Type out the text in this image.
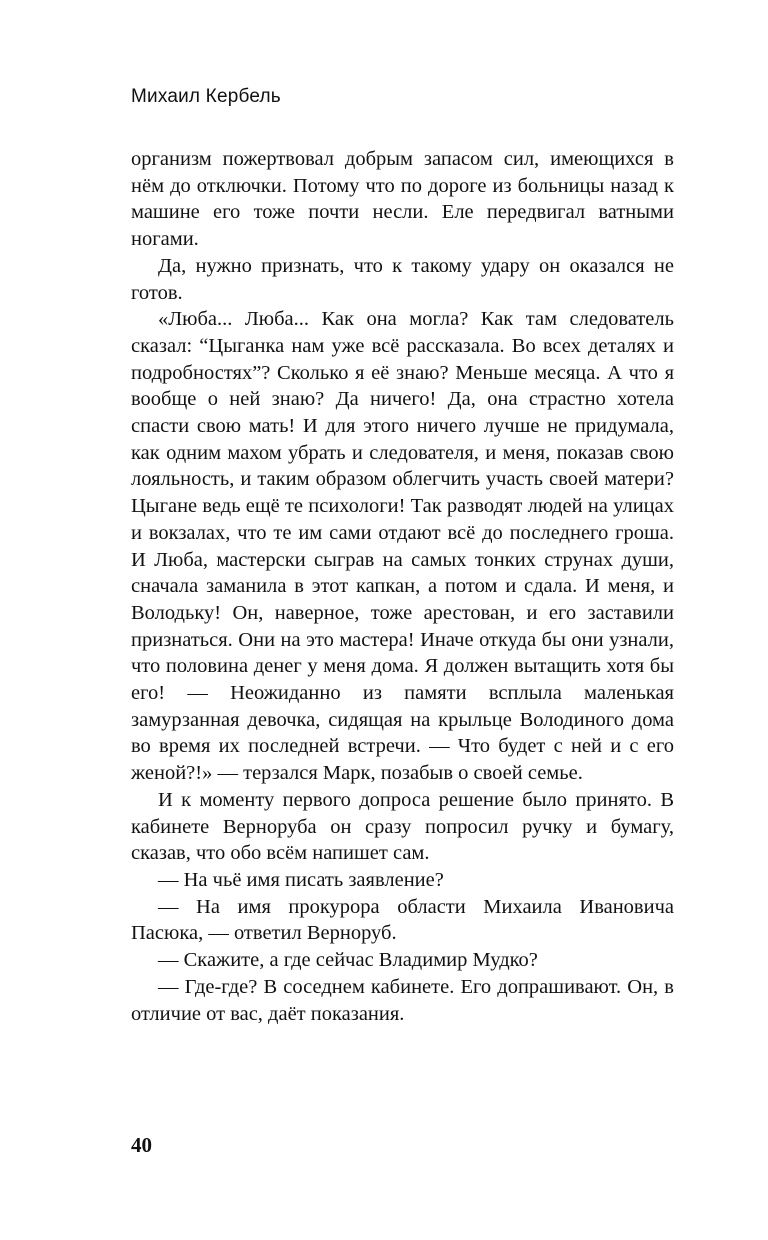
Михаил Кербель

организм пожертвовал добрым запасом сил, имеющихся в нём до отключки. Потому что по дороге из больницы назад к машине его тоже почти несли. Еле передвигал ватными ногами.

Да, нужно признать, что к такому удару он оказался не готов.

«Люба... Люба... Как она могла? Как там следователь сказал: “Цыганка нам уже всё рассказала. Во всех деталях и подробностях”? Сколько я её знаю? Меньше месяца. А что я вообще о ней знаю? Да ничего! Да, она страстно хотела спасти свою мать! И для этого ничего лучше не придумала, как одним махом убрать и следователя, и меня, показав свою лояльность, и таким образом облегчить участь своей матери? Цыгане ведь ещё те психологи! Так разводят людей на улицах и вокзалах, что те им сами отдают всё до последнего гроша. И Люба, мастерски сыграв на самых тонких струнах души, сначала заманила в этот капкан, а потом и сдала. И меня, и Володьку! Он, наверное, тоже арестован, и его заставили признаться. Они на это мастера! Иначе откуда бы они узнали, что половина денег у меня дома. Я должен вытащить хотя бы его! — Неожиданно из памяти всплыла маленькая замурзанная девочка, сидящая на крыльце Володиного дома во время их последней встречи. — Что будет с ней и с его женой?!» — терзался Марк, позабыв о своей семье.

И к моменту первого допроса решение было принято. В кабинете Верноруба он сразу попросил ручку и бумагу, сказав, что обо всём напишет сам.

— На чьё имя писать заявление?

— На имя прокурора области Михаила Ивановича Пасюка, — ответил Верноруб.

— Скажите, а где сейчас Владимир Мудко?

— Где-где? В соседнем кабинете. Его допрашивают. Он, в отличие от вас, даёт показания.

40
